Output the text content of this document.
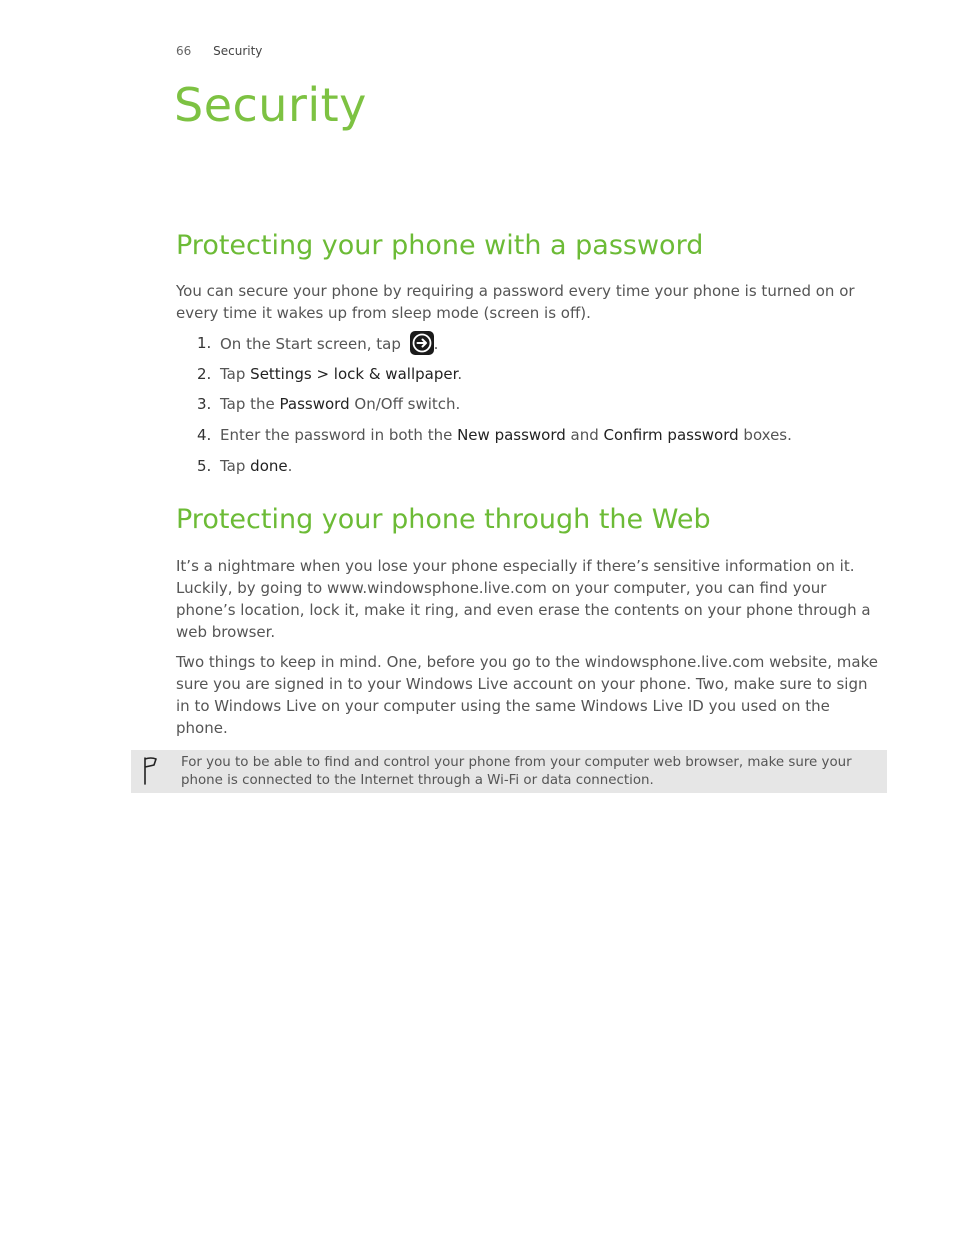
66 Security
Security
Protecting your phone with a password

You can secure your phone by requiring a password every time your phone is turned on or every time it wakes up from sleep mode (screen is off).

1. On the Start screen, tap
.
2. Tap Settings > lock & wallpaper.
3. Tap the Password On/Off switch.
4. Enter the password in both the New password and Confirm password boxes.
5. Tap done.
Protecting your phone through the Web

It’s a nightmare when you lose your phone especially if there’s sensitive information on it. Luckily, by going to www.windowsphone.live.com on your computer, you can find your phone’s location, lock it, make it ring, and even erase the contents on your phone through a web browser.

Two things to keep in mind. One, before you go to the windowsphone.live.com website, make sure you are signed in to your Windows Live account on your phone. Two, make sure to sign in to Windows Live on your computer using the same Windows Live ID you used on the phone.

For you to be able to find and control your phone from your computer web browser, make sure your phone is connected to the Internet through a Wi-Fi or data connection.
